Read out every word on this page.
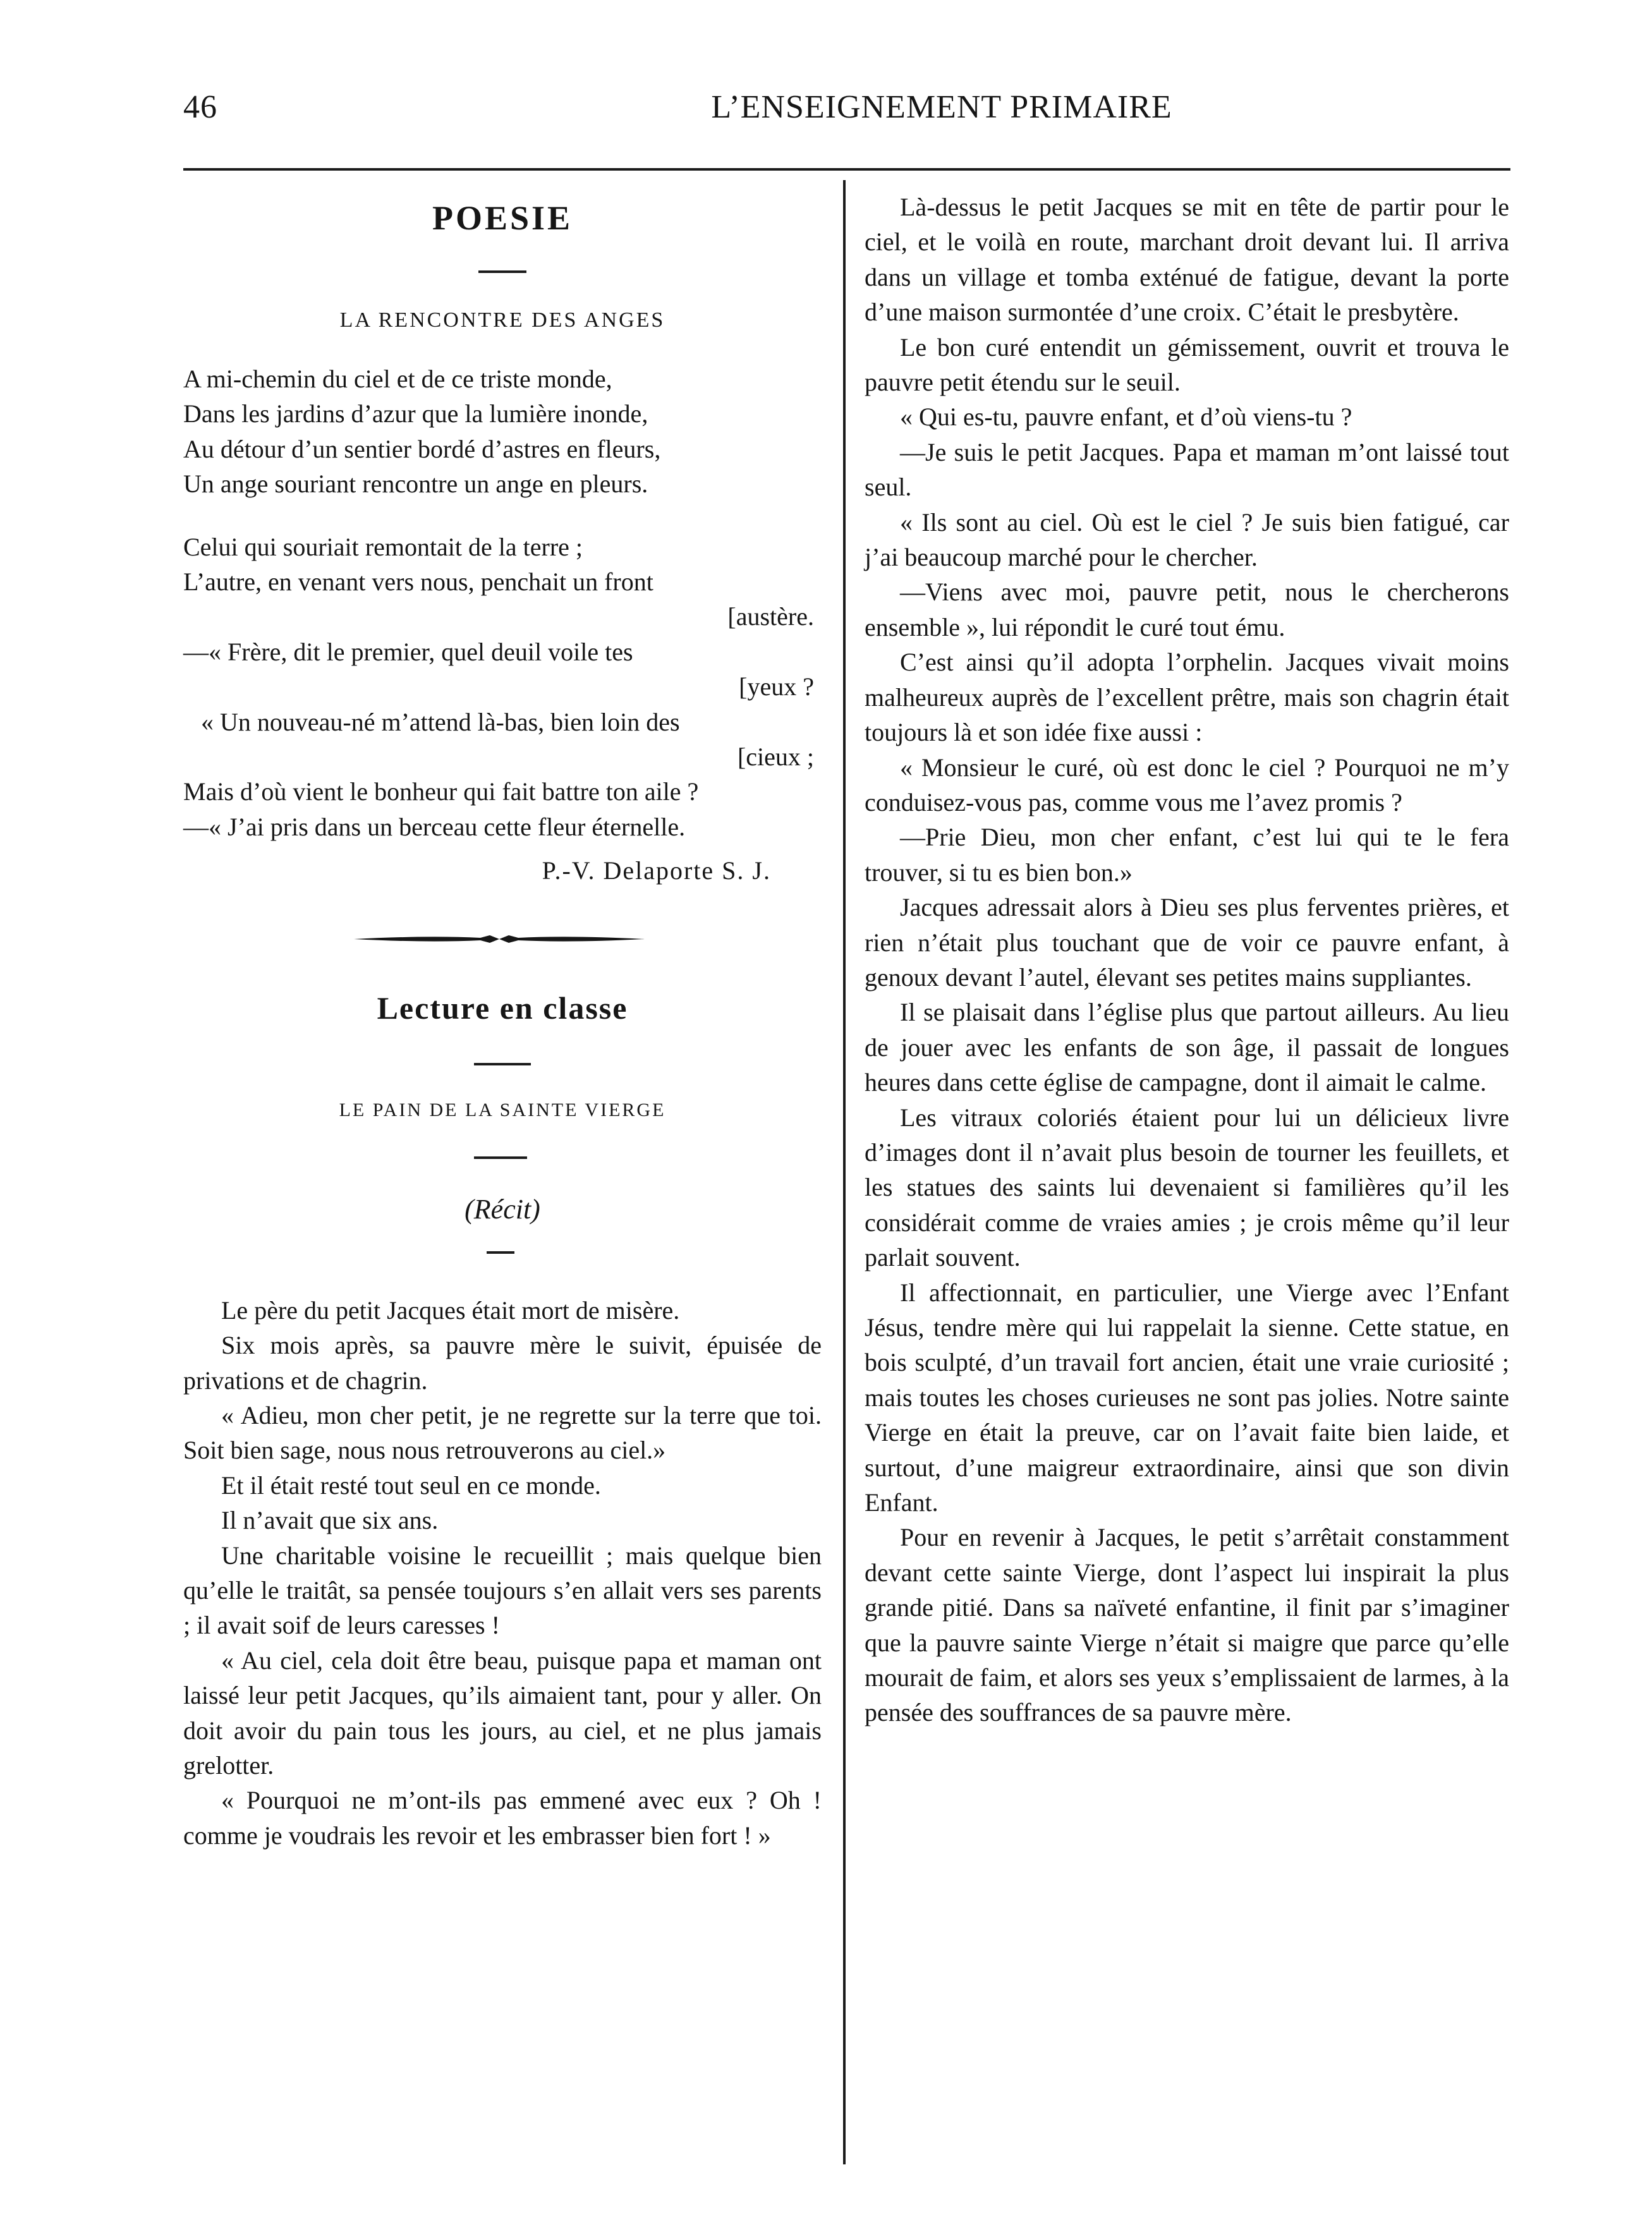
46	L’ENSEIGNEMENT PRIMAIRE
POESIE
LA RENCONTRE DES ANGES
A mi-chemin du ciel et de ce triste monde,
Dans les jardins d’azur que la lumière inonde,
Au détour d’un sentier bordé d’astres en fleurs,
Un ange souriant rencontre un ange en pleurs.
Celui qui souriait remontait de la terre ;
L’autre, en venant vers nous, penchait un front
[austère.
—« Frère, dit le premier, quel deuil voile tes
[yeux ?
« Un nouveau-né m’attend là-bas, bien loin des
[cieux ;
Mais d’où vient le bonheur qui fait battre ton aile ?
—« J’ai pris dans un berceau cette fleur éternelle.
P.-V. Delaporte S. J.
Lecture en classe
LE PAIN DE LA SAINTE VIERGE
(Récit)

Le père du petit Jacques était mort de misère.

Six mois après, sa pauvre mère le suivit, épuisée de privations et de chagrin.

« Adieu, mon cher petit, je ne regrette sur la terre que toi. Soit bien sage, nous nous retrouverons au ciel.»

Et il était resté tout seul en ce monde.

Il n’avait que six ans.

Une charitable voisine le recueillit ; mais quelque bien qu’elle le traitât, sa pensée toujours s’en allait vers ses parents ; il avait soif de leurs caresses !

« Au ciel, cela doit être beau, puisque papa et maman ont laissé leur petit Jacques, qu’ils aimaient tant, pour y aller. On doit avoir du pain tous les jours, au ciel, et ne plus jamais grelotter.

« Pourquoi ne m’ont-ils pas emmené avec eux ? Oh ! comme je voudrais les revoir et les embrasser bien fort ! »

Là-dessus le petit Jacques se mit en tête de partir pour le ciel, et le voilà en route, marchant droit devant lui. Il arriva dans un village et tomba exténué de fatigue, devant la porte d’une maison surmontée d’une croix. C’était le presbytère.

Le bon curé entendit un gémissement, ouvrit et trouva le pauvre petit étendu sur le seuil.

« Qui es-tu, pauvre enfant, et d’où viens-tu ?

—Je suis le petit Jacques. Papa et maman m’ont laissé tout seul.

« Ils sont au ciel. Où est le ciel ? Je suis bien fatigué, car j’ai beaucoup marché pour le chercher.

—Viens avec moi, pauvre petit, nous le chercherons ensemble », lui répondit le curé tout ému.

C’est ainsi qu’il adopta l’orphelin. Jacques vivait moins malheureux auprès de l’excellent prêtre, mais son chagrin était toujours là et son idée fixe aussi :

« Monsieur le curé, où est donc le ciel ? Pourquoi ne m’y conduisez-vous pas, comme vous me l’avez promis ?

—Prie Dieu, mon cher enfant, c’est lui qui te le fera trouver, si tu es bien bon.»

Jacques adressait alors à Dieu ses plus ferventes prières, et rien n’était plus touchant que de voir ce pauvre enfant, à genoux devant l’autel, élevant ses petites mains suppliantes.

Il se plaisait dans l’église plus que partout ailleurs. Au lieu de jouer avec les enfants de son âge, il passait de longues heures dans cette église de campagne, dont il aimait le calme.

Les vitraux coloriés étaient pour lui un délicieux livre d’images dont il n’avait plus besoin de tourner les feuillets, et les statues des saints lui devenaient si familières qu’il les considérait comme de vraies amies ; je crois même qu’il leur parlait souvent.

Il affectionnait, en particulier, une Vierge avec l’Enfant Jésus, tendre mère qui lui rappelait la sienne. Cette statue, en bois sculpté, d’un travail fort ancien, était une vraie curiosité ; mais toutes les choses curieuses ne sont pas jolies. Notre sainte Vierge en était la preuve, car on l’avait faite bien laide, et surtout, d’une maigreur extraordinaire, ainsi que son divin Enfant.

Pour en revenir à Jacques, le petit s’arrêtait constamment devant cette sainte Vierge, dont l’aspect lui inspirait la plus grande pitié. Dans sa naïveté enfantine, il finit par s’imaginer que la pauvre sainte Vierge n’était si maigre que parce qu’elle mourait de faim, et alors ses yeux s’emplissaient de larmes, à la pensée des souffrances de sa pauvre mère.
